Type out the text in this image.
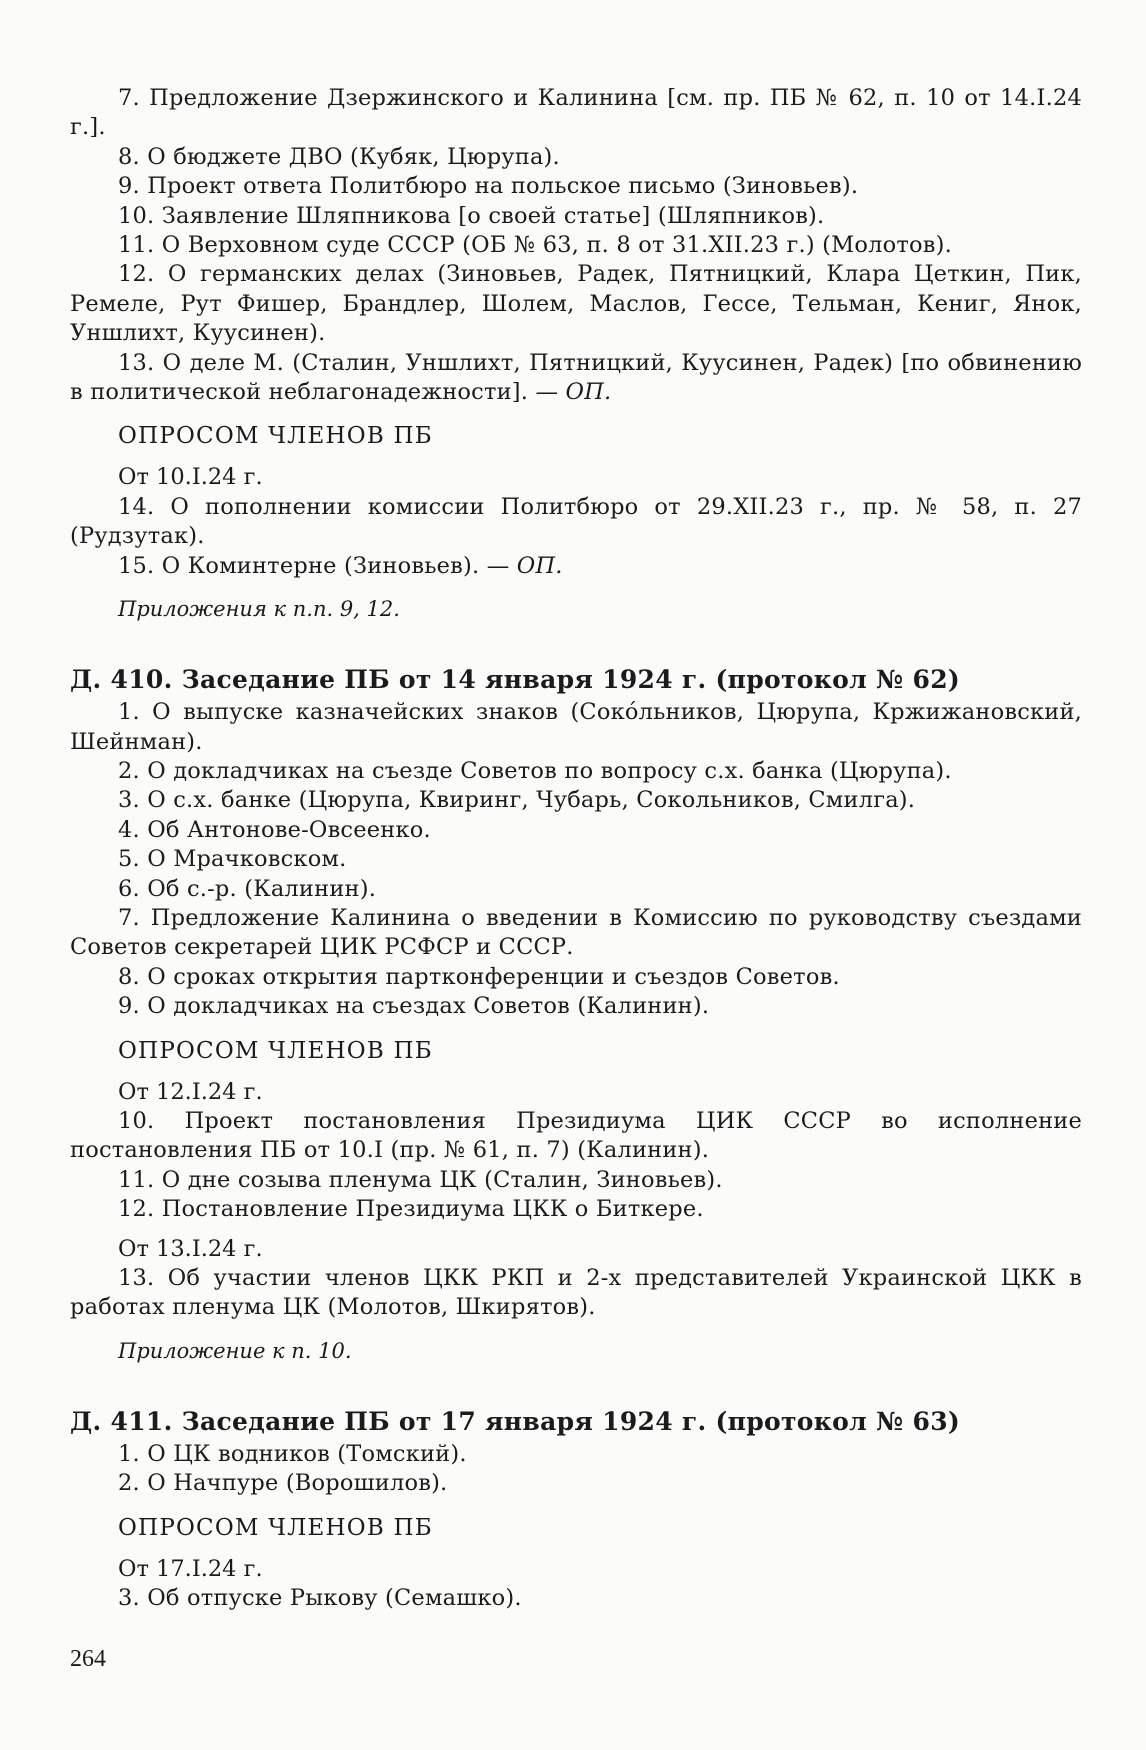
7. Предложение Дзержинского и Калинина [см. пр. ПБ № 62, п. 10 от 14.I.24 г.].

8. О бюджете ДВО (Кубяк, Цюрупа).

9. Проект ответа Политбюро на польское письмо (Зиновьев).

10. Заявление Шляпникова [о своей статье] (Шляпников).

11. О Верховном суде СССР (ОБ № 63, п. 8 от 31.XII.23 г.) (Молотов).

12. О германских делах (Зиновьев, Радек, Пятницкий, Клара Цеткин, Пик, Ремеле, Рут Фишер, Брандлер, Шолем, Маслов, Гессе, Тельман, Кениг, Янок, Уншлихт, Куусинен).

13. О деле М. (Сталин, Уншлихт, Пятницкий, Куусинен, Радек) [по обвинению в политической неблагонадежности]. — ОП.

ОПРОСОМ ЧЛЕНОВ ПБ
От 10.I.24 г.

14. О пополнении комиссии Политбюро от 29.XII.23 г., пр. № 58, п. 27 (Рудзутак).

15. О Коминтерне (Зиновьев). — ОП.

Приложения к п.п. 9, 12.
Д. 410. Заседание ПБ от 14 января 1924 г. (протокол № 62)

1. О выпуске казначейских знаков (Сокóльников, Цюрупа, Кржижановский, Шейнман).

2. О докладчиках на съезде Советов по вопросу с.х. банка (Цюрупа).

3. О с.х. банке (Цюрупа, Квиринг, Чубарь, Сокольников, Смилга).

4. Об Антонове-Овсеенко.

5. О Мрачковском.

6. Об с.-р. (Калинин).

7. Предложение Калинина о введении в Комиссию по руководству съездами Советов секретарей ЦИК РСФСР и СССР.

8. О сроках открытия партконференции и съездов Советов.

9. О докладчиках на съездах Советов (Калинин).

ОПРОСОМ ЧЛЕНОВ ПБ
От 12.I.24 г.

10. Проект постановления Президиума ЦИК СССР во исполнение постановления ПБ от 10.I (пр. № 61, п. 7) (Калинин).

11. О дне созыва пленума ЦК (Сталин, Зиновьев).

12. Постановление Президиума ЦКК о Биткере.

От 13.I.24 г.

13. Об участии членов ЦКК РКП и 2-х представителей Украинской ЦКК в работах пленума ЦК (Молотов, Шкирятов).

Приложение к п. 10.
Д. 411. Заседание ПБ от 17 января 1924 г. (протокол № 63)

1. О ЦК водников (Томский).

2. О Начпуре (Ворошилов).

ОПРОСОМ ЧЛЕНОВ ПБ
От 17.I.24 г.

3. Об отпуске Рыкову (Семашко).

264
